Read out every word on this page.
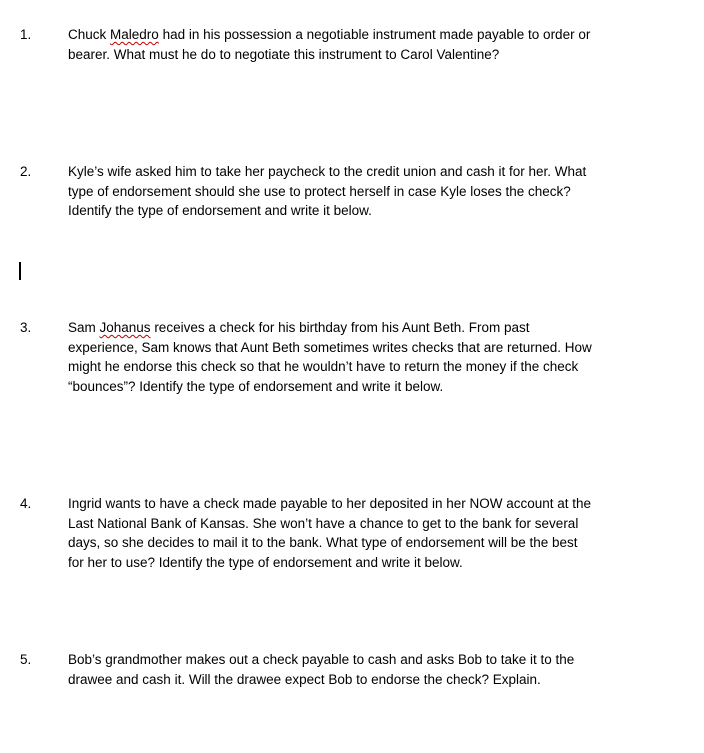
1.	Chuck Maledro had in his possession a negotiable instrument made payable to order or
bearer. What must he do to negotiate this instrument to Carol Valentine?
2.	Kyle’s wife asked him to take her paycheck to the credit union and cash it for her. What
type of endorsement should she use to protect herself in case Kyle loses the check?
Identify the type of endorsement and write it below.
3.	Sam Johanus receives a check for his birthday from his Aunt Beth. From past
experience, Sam knows that Aunt Beth sometimes writes checks that are returned. How
might he endorse this check so that he wouldn’t have to return the money if the check
“bounces”? Identify the type of endorsement and write it below.
4.	Ingrid wants to have a check made payable to her deposited in her NOW account at the
Last National Bank of Kansas. She won’t have a chance to get to the bank for several
days, so she decides to mail it to the bank. What type of endorsement will be the best
for her to use? Identify the type of endorsement and write it below.
5.	Bob’s grandmother makes out a check payable to cash and asks Bob to take it to the
drawee and cash it. Will the drawee expect Bob to endorse the check? Explain.
